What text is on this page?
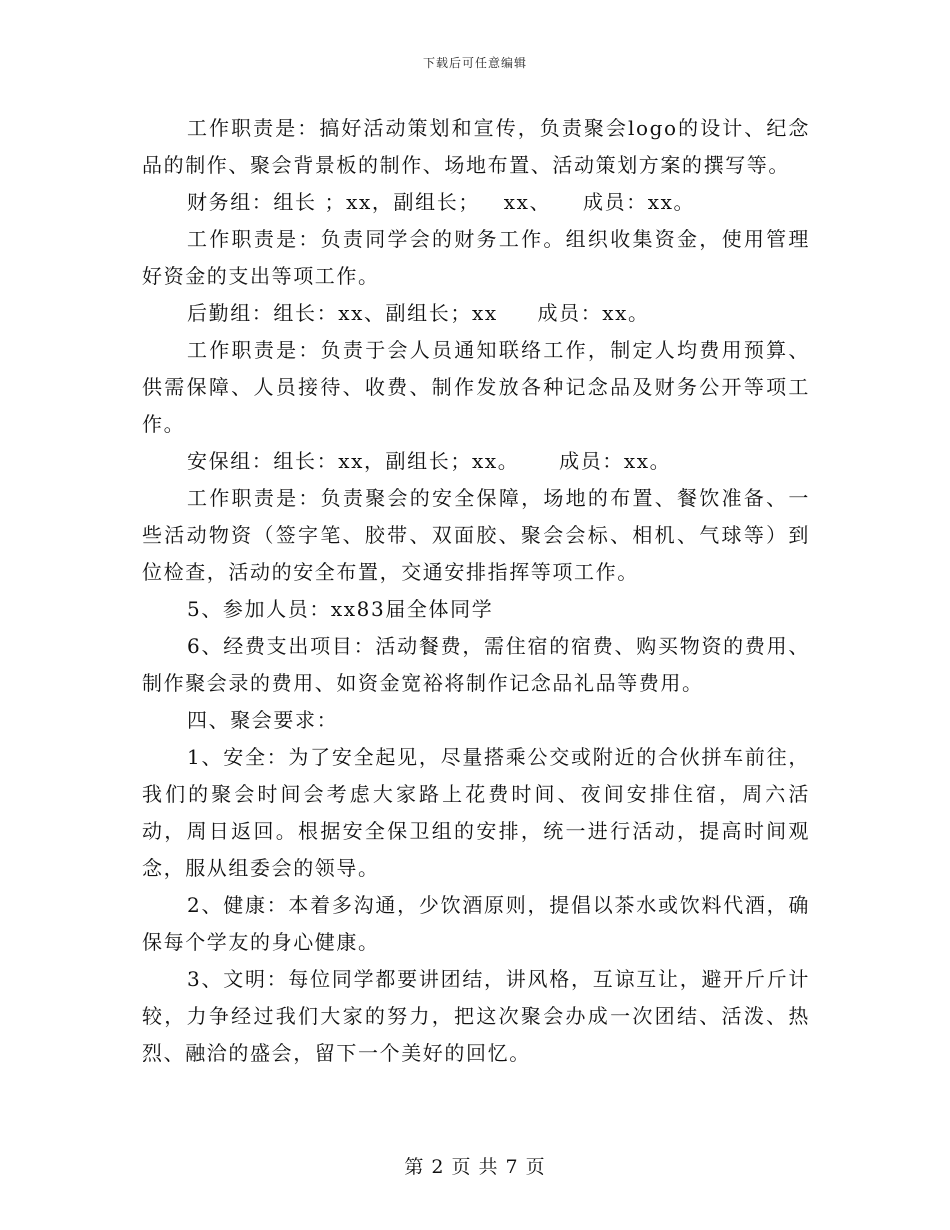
下载后可任意编辑

工作职责是：搞好活动策划和宣传，负责聚会logo的设计、纪念品的制作、聚会背景板的制作、场地布置、活动策划方案的撰写等。

财务组：组长 ；xx，副组长；   xx、    成员：xx。

工作职责是：负责同学会的财务工作。组织收集资金，使用管理好资金的支出等项工作。

后勤组：组长：xx、副组长；xx     成员：xx。

工作职责是：负责于会人员通知联络工作，制定人均费用预算、供需保障、人员接待、收费、制作发放各种记念品及财务公开等项工作。

安保组：组长：xx，副组长；xx。     成员：xx。

工作职责是：负责聚会的安全保障，场地的布置、餐饮准备、一些活动物资（签字笔、胶带、双面胶、聚会会标、相机、气球等）到位检查，活动的安全布置，交通安排指挥等项工作。

5、参加人员：xx83届全体同学

6、经费支出项目：活动餐费，需住宿的宿费、购买物资的费用、制作聚会录的费用、如资金宽裕将制作记念品礼品等费用。

四、聚会要求：

1、安全：为了安全起见，尽量搭乘公交或附近的合伙拼车前往，我们的聚会时间会考虑大家路上花费时间、夜间安排住宿，周六活动，周日返回。根据安全保卫组的安排，统一进行活动，提高时间观念，服从组委会的领导。

2、健康：本着多沟通，少饮酒原则，提倡以茶水或饮料代酒，确保每个学友的身心健康。

3、文明：每位同学都要讲团结，讲风格，互谅互让，避开斤斤计较，力争经过我们大家的努力，把这次聚会办成一次团结、活泼、热烈、融洽的盛会，留下一个美好的回忆。

第 2 页 共 7 页
